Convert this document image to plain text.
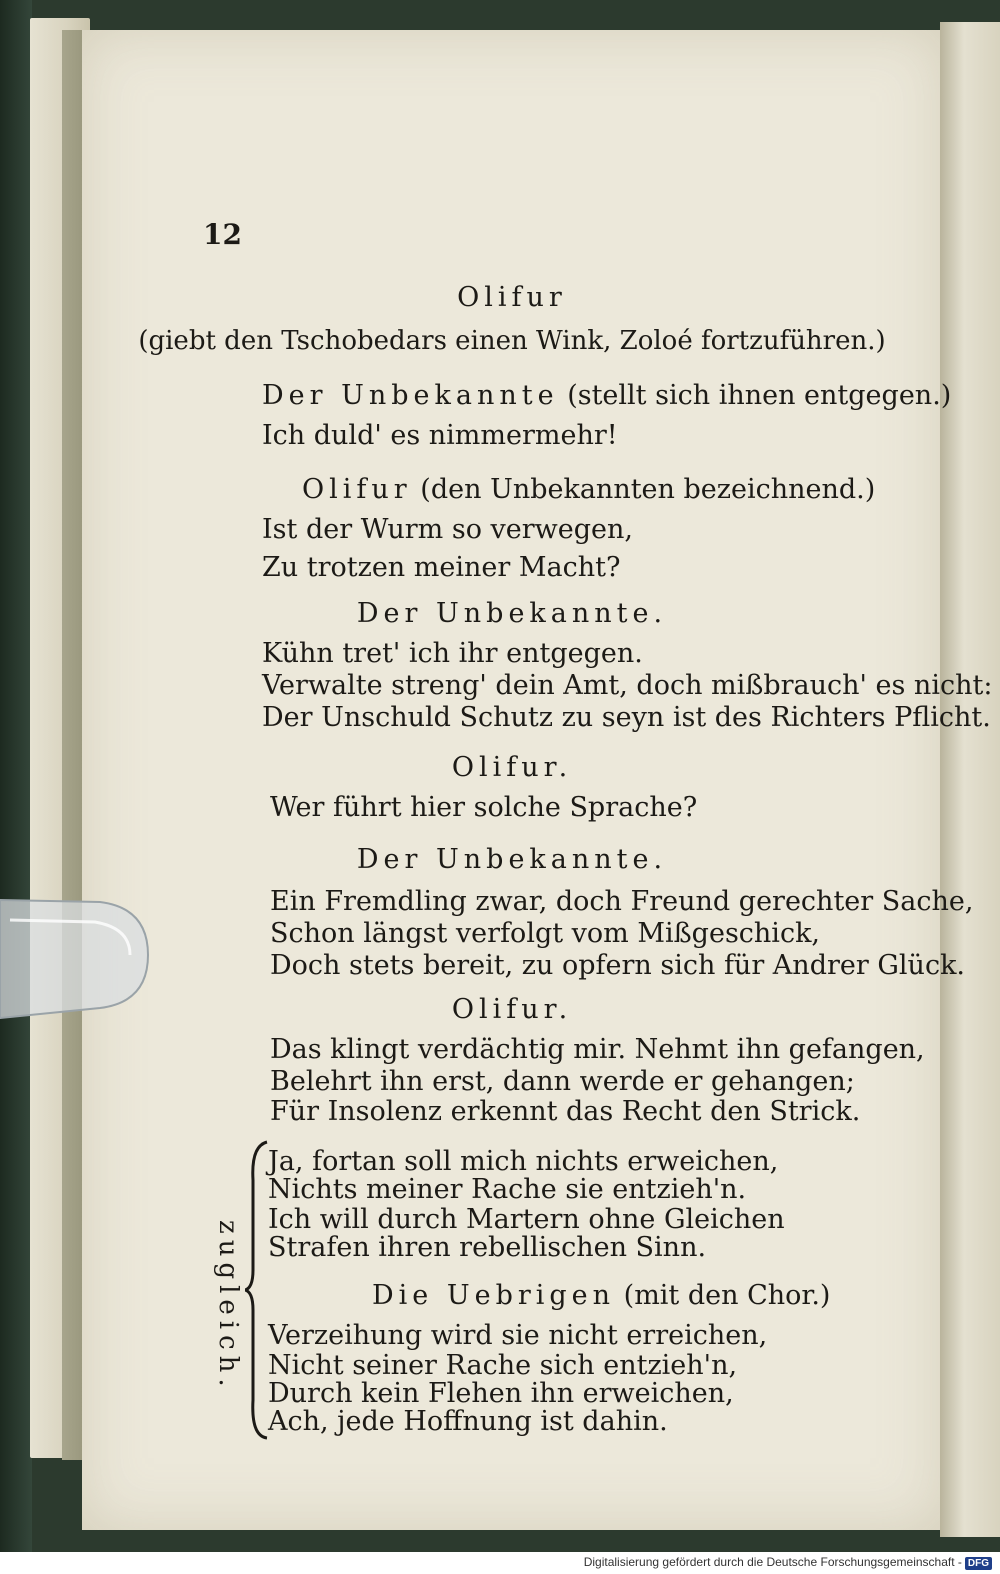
12
Olifur
(giebt den Tschobedars einen Wink, Zoloé fortzuführen.)
Der Unbekannte (stellt sich ihnen entgegen.)
Ich duld' es nimmermehr!
Olifur (den Unbekannten bezeichnend.)
Ist der Wurm so verwegen,
Zu trotzen meiner Macht?
Der Unbekannte.
Kühn tret' ich ihr entgegen.
Verwalte streng' dein Amt, doch mißbrauch' es nicht:
Der Unschuld Schutz zu seyn ist des Richters Pflicht.
Olifur.
Wer führt hier solche Sprache?
Der Unbekannte.
Ein Fremdling zwar, doch Freund gerechter Sache,
Schon längst verfolgt vom Mißgeschick,
Doch stets bereit, zu opfern sich für Andrer Glück.
Olifur.
Das klingt verdächtig mir. Nehmt ihn gefangen,
Belehrt ihn erst, dann werde er gehangen;
Für Insolenz erkennt das Recht den Strick.
zugleich.
Ja, fortan soll mich nichts erweichen,
Nichts meiner Rache sie entzieh'n.
Ich will durch Martern ohne Gleichen
Strafen ihren rebellischen Sinn.
Die Uebrigen (mit den Chor.)
Verzeihung wird sie nicht erreichen,
Nicht seiner Rache sich entzieh'n,
Durch kein Flehen ihn erweichen,
Ach, jede Hoffnung ist dahin.
Digitalisierung gefördert durch die Deutsche Forschungsgemeinschaft - DFG
